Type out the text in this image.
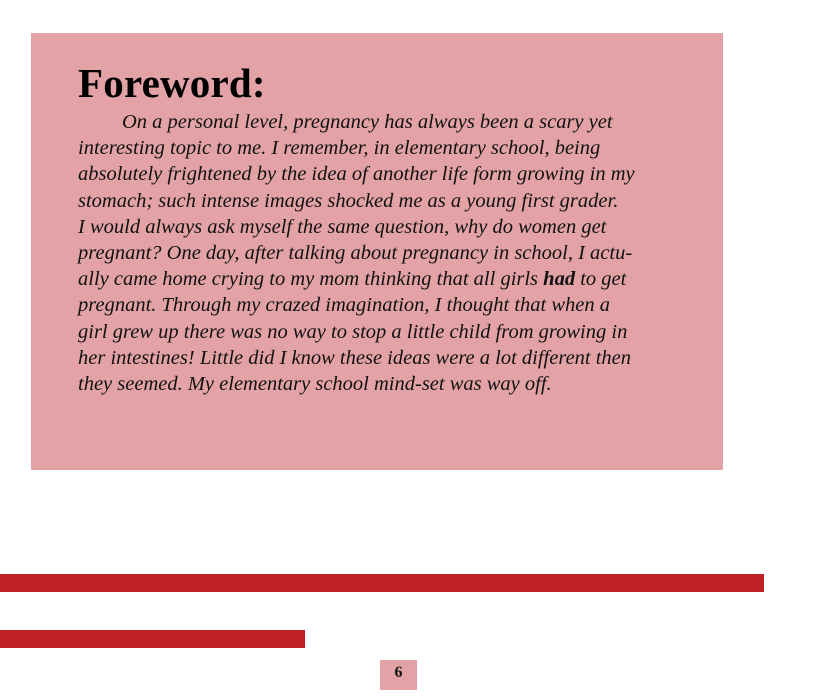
Foreword:

On a personal level, pregnancy has always been a scary yet
interesting topic to me. I remember, in elementary school, being
absolutely frightened by the idea of another life form growing in my
stomach; such intense images shocked me as a young first grader.
I would always ask myself the same question, why do women get
pregnant? One day, after talking about pregnancy in school, I actu-
ally came home crying to my mom thinking that all girls had to get
pregnant. Through my crazed imagination, I thought that when a
girl grew up there was no way to stop a little child from growing in
her intestines! Little did I know these ideas were a lot different then
they seemed. My elementary school mind-set was way off.

6
